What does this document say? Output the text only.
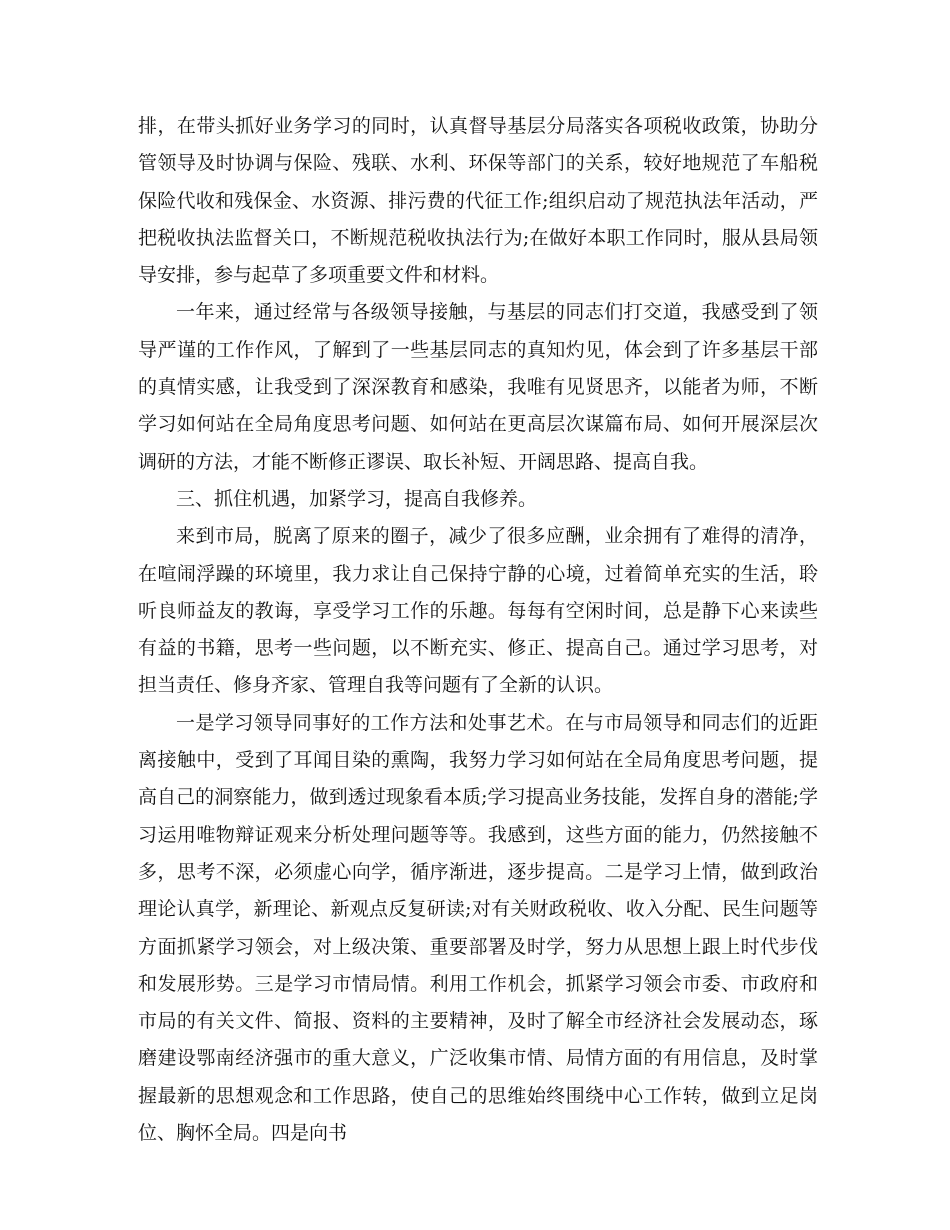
排，在带头抓好业务学习的同时，认真督导基层分局落实各项税收政策，协助分管领导及时协调与保险、残联、水利、环保等部门的关系，较好地规范了车船税保险代收和残保金、水资源、排污费的代征工作;组织启动了规范执法年活动，严把税收执法监督关口，不断规范税收执法行为;在做好本职工作同时，服从县局领导安排，参与起草了多项重要文件和材料。

一年来，通过经常与各级领导接触，与基层的同志们打交道，我感受到了领导严谨的工作作风，了解到了一些基层同志的真知灼见，体会到了许多基层干部的真情实感，让我受到了深深教育和感染，我唯有见贤思齐，以能者为师，不断学习如何站在全局角度思考问题、如何站在更高层次谋篇布局、如何开展深层次调研的方法，才能不断修正谬误、取长补短、开阔思路、提高自我。

三、抓住机遇，加紧学习，提高自我修养。

来到市局，脱离了原来的圈子，减少了很多应酬，业余拥有了难得的清净，在喧闹浮躁的环境里，我力求让自己保持宁静的心境，过着简单充实的生活，聆听良师益友的教诲，享受学习工作的乐趣。每每有空闲时间，总是静下心来读些有益的书籍，思考一些问题，以不断充实、修正、提高自己。通过学习思考，对担当责任、修身齐家、管理自我等问题有了全新的认识。

一是学习领导同事好的工作方法和处事艺术。在与市局领导和同志们的近距离接触中，受到了耳闻目染的熏陶，我努力学习如何站在全局角度思考问题，提高自己的洞察能力，做到透过现象看本质;学习提高业务技能，发挥自身的潜能;学习运用唯物辩证观来分析处理问题等等。我感到，这些方面的能力，仍然接触不多，思考不深，必须虚心向学，循序渐进，逐步提高。二是学习上情，做到政治理论认真学，新理论、新观点反复研读;对有关财政税收、收入分配、民生问题等方面抓紧学习领会，对上级决策、重要部署及时学，努力从思想上跟上时代步伐和发展形势。三是学习市情局情。利用工作机会，抓紧学习领会市委、市政府和市局的有关文件、简报、资料的主要精神，及时了解全市经济社会发展动态，琢磨建设鄂南经济强市的重大意义，广泛收集市情、局情方面的有用信息，及时掌握最新的思想观念和工作思路，使自己的思维始终围绕中心工作转，做到立足岗位、胸怀全局。四是向书
